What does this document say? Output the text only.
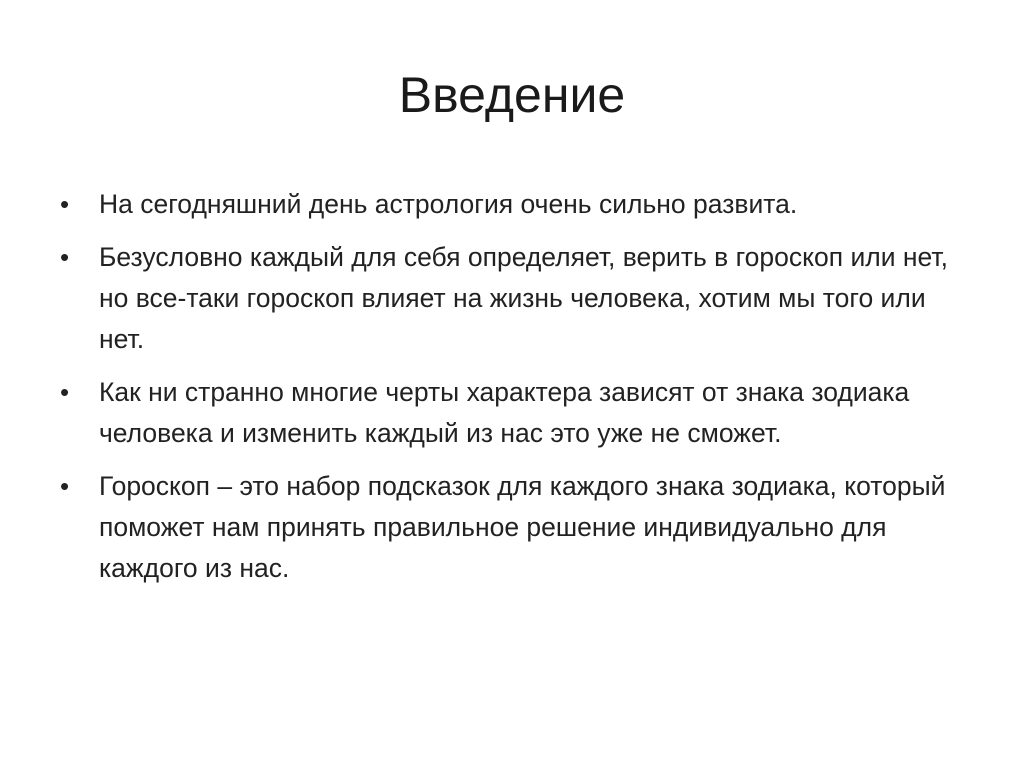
Введение
• На сегодняшний день астрология очень сильно развита.
• Безусловно каждый для себя определяет, верить в гороскоп или нет, но все-таки гороскоп влияет на жизнь человека, хотим мы того или нет.
• Как ни странно многие черты характера зависят от знака зодиака человека и изменить каждый из нас это уже не сможет.
• Гороскоп – это набор подсказок для каждого знака зодиака, который поможет нам принять правильное решение индивидуально для каждого из нас.
